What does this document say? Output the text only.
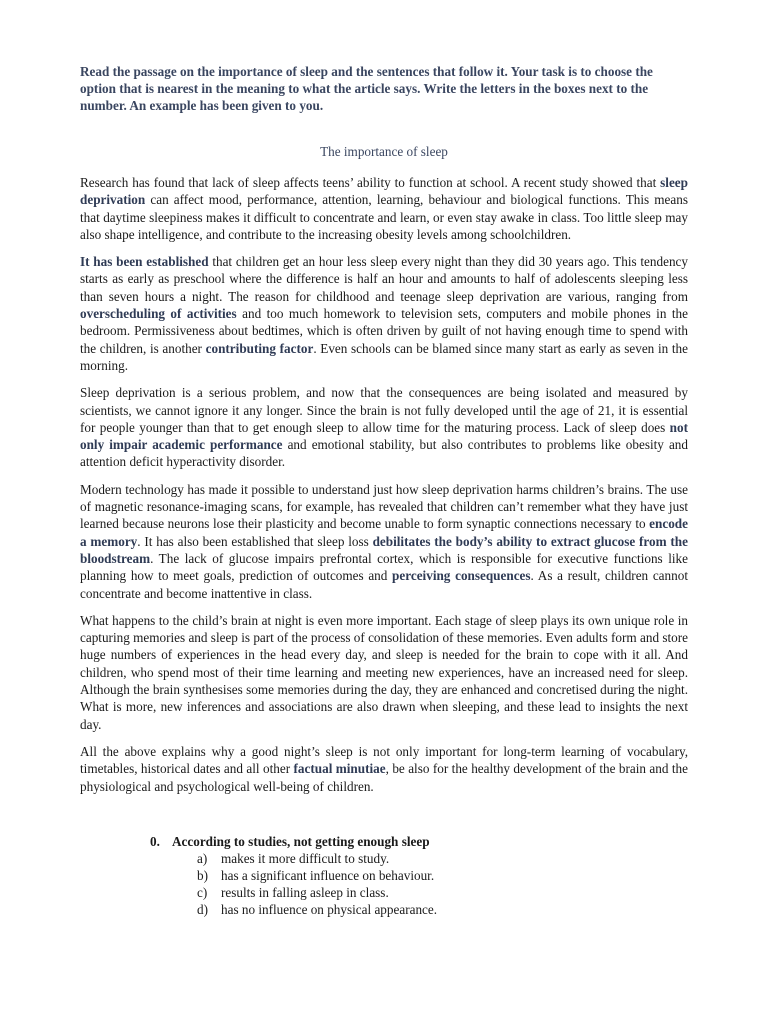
Read the passage on the importance of sleep and the sentences that follow it. Your task is to choose the option that is nearest in the meaning to what the article says. Write the letters in the boxes next to the number. An example has been given to you.

The importance of sleep

Research has found that lack of sleep affects teens’ ability to function at school. A recent study showed that sleep deprivation can affect mood, performance, attention, learning, behaviour and biological functions. This means that daytime sleepiness makes it difficult to concentrate and learn, or even stay awake in class. Too little sleep may also shape intelligence, and contribute to the increasing obesity levels among schoolchildren.

It has been established that children get an hour less sleep every night than they did 30 years ago. This tendency starts as early as preschool where the difference is half an hour and amounts to half of adolescents sleeping less than seven hours a night. The reason for childhood and teenage sleep deprivation are various, ranging from overscheduling of activities and too much homework to television sets, computers and mobile phones in the bedroom. Permissiveness about bedtimes, which is often driven by guilt of not having enough time to spend with the children, is another contributing factor. Even schools can be blamed since many start as early as seven in the morning.

Sleep deprivation is a serious problem, and now that the consequences are being isolated and measured by scientists, we cannot ignore it any longer. Since the brain is not fully developed until the age of 21, it is essential for people younger than that to get enough sleep to allow time for the maturing process. Lack of sleep does not only impair academic performance and emotional stability, but also contributes to problems like obesity and attention deficit hyperactivity disorder.

Modern technology has made it possible to understand just how sleep deprivation harms children’s brains. The use of magnetic resonance-imaging scans, for example, has revealed that children can’t remember what they have just learned because neurons lose their plasticity and become unable to form synaptic connections necessary to encode a memory. It has also been established that sleep loss debilitates the body’s ability to extract glucose from the bloodstream. The lack of glucose impairs prefrontal cortex, which is responsible for executive functions like planning how to meet goals, prediction of outcomes and perceiving consequences. As a result, children cannot concentrate and become inattentive in class.

What happens to the child’s brain at night is even more important. Each stage of sleep plays its own unique role in capturing memories and sleep is part of the process of consolidation of these memories. Even adults form and store huge numbers of experiences in the head every day, and sleep is needed for the brain to cope with it all. And children, who spend most of their time learning and meeting new experiences, have an increased need for sleep. Although the brain synthesises some memories during the day, they are enhanced and concretised during the night. What is more, new inferences and associations are also drawn when sleeping, and these lead to insights the next day.

All the above explains why a good night’s sleep is not only important for long-term learning of vocabulary, timetables, historical dates and all other factual minutiae, be also for the healthy development of the brain and the physiological and psychological well-being of children.

0. According to studies, not getting enough sleep
a)	makes it more difficult to study.
b) has a significant influence on behaviour.
c)	results in falling asleep in class.
d) has no influence on physical appearance.
